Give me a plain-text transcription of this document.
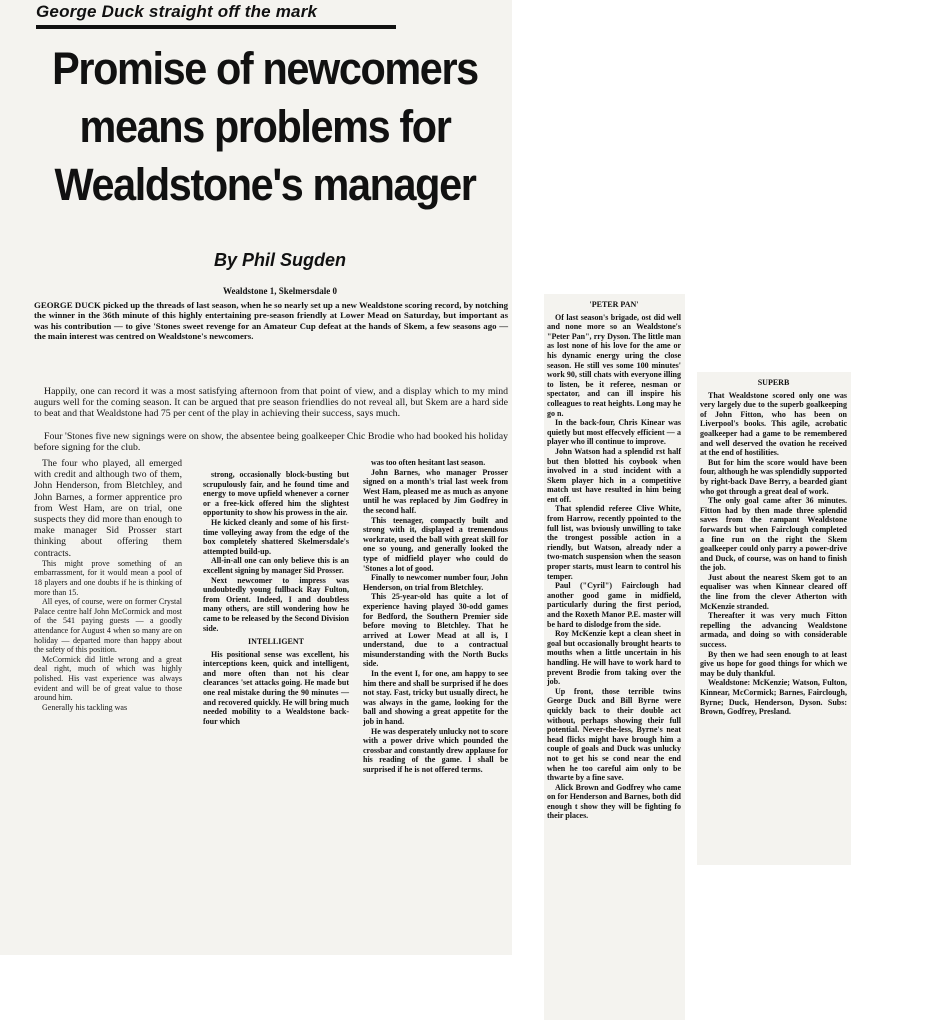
George Duck straight off the mark
Promise of newcomers
means problems for
Wealdstone's manager
By Phil Sugden
Wealdstone 1, Skelmersdale 0

GEORGE DUCK picked up the threads of last season, when he so nearly set up a new Wealdstone scoring record, by notching the winner in the 36th minute of this highly entertaining pre-season friendly at Lower Mead on Saturday, but important as was his contribution — to give 'Stones sweet revenge for an Amateur Cup defeat at the hands of Skem, a few seasons ago — the main interest was centred on Wealdstone's newcomers.

Happily, one can record it was a most satisfying afternoon from that point of view, and a display which to my mind augurs well for the coming season. It can be argued that pre season friendlies do not reveal all, but Skem are a hard side to beat and that Wealdstone had 75 per cent of the play in achieving their success, says much.

Four 'Stones five new signings were on show, the absentee being goalkeeper Chic Brodie who had booked his holiday before signing for the club.

The four who played, all emerged with credit and although two of them, John Henderson, from Bletchley, and John Barnes, a former apprentice pro from West Ham, are on trial, one suspects they did more than enough to make manager Sid Prosser start thinking about offering them contracts.

This might prove something of an embarrassment, for it would mean a pool of 18 players and one doubts if he is thinking of more than 15.

All eyes, of course, were on former Crystal Palace centre half John McCormick and most of the 541 paying guests — a goodly attendance for August 4 when so many are on holiday — departed more than happy about the safety of this position.

McCormick did little wrong and a great deal right, much of which was highly polished. His vast experience was always evident and will be of great value to those around him.

Generally his tackling was

strong, occasionally block-busting but scrupulously fair, and he found time and energy to move upfield whenever a corner or a free-kick offered him the slightest opportunity to show his prowess in the air.

He kicked cleanly and some of his first-time volleying away from the edge of the box completely shattered Skelmersdale's attempted build-up.

All-in-all one can only believe this is an excellent signing by manager Sid Prosser.

Next newcomer to impress was undoubtedly young fullback Ray Fulton, from Orient. Indeed, I and doubtless many others, are still wondering how he came to be released by the Second Division side.

INTELLIGENT

His positional sense was excellent, his interceptions keen, quick and intelligent, and more often than not his clear clearances 'set attacks going. He made but one real mistake during the 90 minutes — and recovered quickly. He will bring much needed mobility to a Wealdstone back-four which

was too often hesitant last season.

John Barnes, who manager Prosser signed on a month's trial last week from West Ham, pleased me as much as anyone until he was replaced by Jim Godfrey in the second half.

This teenager, compactly built and strong with it, displayed a tremendous workrate, used the ball with great skill for one so young, and generally looked the type of midfield player who could do 'Stones a lot of good.

Finally to newcomer number four, John Henderson, on trial from Bletchley.

This 25-year-old has quite a lot of experience having played 30-odd games for Bedford, the Southern Premier side before moving to Bletchley. That he arrived at Lower Mead at all is, I understand, due to a contractual misunderstanding with the North Bucks side.

In the event I, for one, am happy to see him there and shall be surprised if he does not stay. Fast, tricky but usually direct, he was always in the game, looking for the ball and showing a great appetite for the job in hand.

He was desperately unlucky not to score with a power drive which pounded the crossbar and constantly drew applause for his reading of the game. I shall be surprised if he is not offered terms.

'PETER PAN'

Of last season's brigade, ost did well and none more so an Wealdstone's "Peter Pan", rry Dyson. The little man as lost none of his love for the ame or his dynamic energy uring the close season. He still ves some 100 minutes' work 90, still chats with everyone illing to listen, be it referee, nesman or spectator, and can ill inspire his colleagues to reat heights. Long may he go n.

In the back-four, Chris Kinear was quietly but most effecvely efficient — a player who ill continue to improve.

John Watson had a splendid rst half but then blotted his coybook when involved in a stud incident with a Skem player hich in a competitive match ust have resulted in him being ent off.

That splendid referee Clive White, from Harrow, recently ppointed to the full list, was bviously unwilling to take the trongest possible action in a riendly, but Watson, already nder a two-match suspension when the season proper starts, must learn to control his temper.

Paul ("Cyril") Fairclough had another good game in midfield, particularly during the first period, and the Roxeth Manor P.E. master will be hard to dislodge from the side.

Roy McKenzie kept a clean sheet in goal but occasionally brought hearts to mouths when a little uncertain in his handling. He will have to work hard to prevent Brodie from taking over the job.

Up front, those terrible twins George Duck and Bill Byrne were quickly back to their double act without, perhaps showing their full potential. Never-the-less, Byrne's neat head flicks might have brough him a couple of goals and Duck was unlucky not to get his se cond near the end when he too careful aim only to be thwarte by a fine save.

Alick Brown and Godfrey who came on for Henderson and Barnes, both did enough t show they will be fighting fo their places.

SUPERB

That Wealdstone scored only one was very largely due to the superb goalkeeping of John Fitton, who has been on Liverpool's books. This agile, acrobatic goalkeeper had a game to be remembered and well deserved the ovation he received at the end of hostilities.

But for him the score would have been four, although he was splendidly supported by right-back Dave Berry, a bearded giant who got through a great deal of work.

The only goal came after 36 minutes. Fitton had by then made three splendid saves from the rampant Wealdstone forwards but when Fairclough completed a fine run on the right the Skem goalkeeper could only parry a power-drive and Duck, of course, was on hand to finish the job.

Just about the nearest Skem got to an equaliser was when Kinnear cleared off the line from the clever Atherton with McKenzie stranded.

Thereafter it was very much Fitton repelling the advancing Wealdstone armada, and doing so with considerable success.

By then we had seen enough to at least give us hope for good things for which we may be duly thankful.

Wealdstone: McKenzie; Watson, Fulton, Kinnear, McCormick; Barnes, Fairclough, Byrne; Duck, Henderson, Dyson. Subs: Brown, Godfrey, Presland.
